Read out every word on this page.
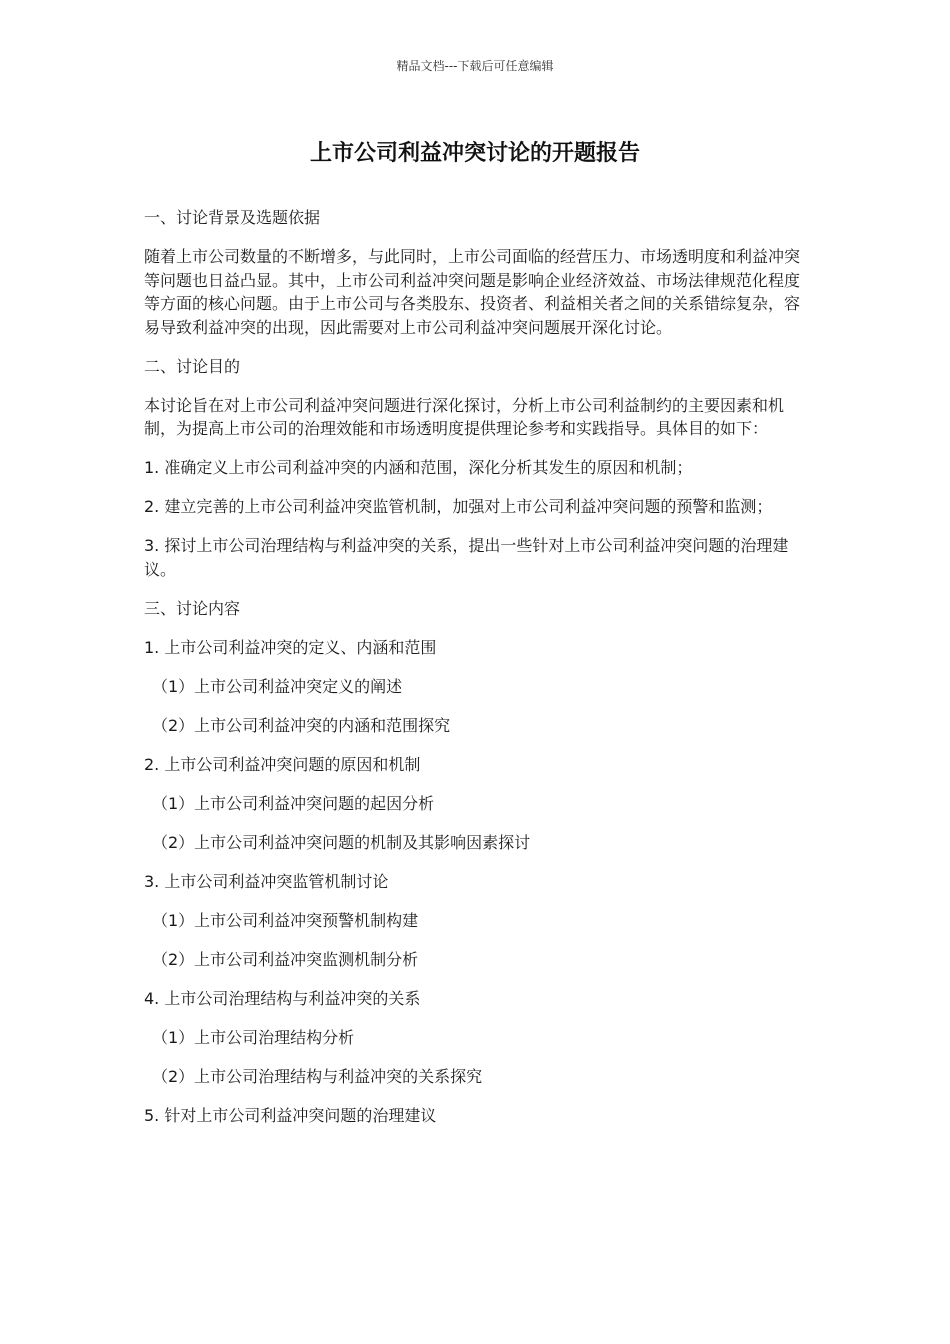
精品文档---下载后可任意编辑
上市公司利益冲突讨论的开题报告

一、讨论背景及选题依据

随着上市公司数量的不断增多，与此同时，上市公司面临的经营压力、市场透明度和利益冲突等问题也日益凸显。其中，上市公司利益冲突问题是影响企业经济效益、市场法律规范化程度等方面的核心问题。由于上市公司与各类股东、投资者、利益相关者之间的关系错综复杂，容易导致利益冲突的出现，因此需要对上市公司利益冲突问题展开深化讨论。

二、讨论目的

本讨论旨在对上市公司利益冲突问题进行深化探讨，分析上市公司利益制约的主要因素和机制，为提高上市公司的治理效能和市场透明度提供理论参考和实践指导。具体目的如下：

1. 准确定义上市公司利益冲突的内涵和范围，深化分析其发生的原因和机制；

2. 建立完善的上市公司利益冲突监管机制，加强对上市公司利益冲突问题的预警和监测；

3. 探讨上市公司治理结构与利益冲突的关系，提出一些针对上市公司利益冲突问题的治理建议。

三、讨论内容

1. 上市公司利益冲突的定义、内涵和范围

（1）上市公司利益冲突定义的阐述

（2）上市公司利益冲突的内涵和范围探究

2. 上市公司利益冲突问题的原因和机制

（1）上市公司利益冲突问题的起因分析

（2）上市公司利益冲突问题的机制及其影响因素探讨

3. 上市公司利益冲突监管机制讨论

（1）上市公司利益冲突预警机制构建

（2）上市公司利益冲突监测机制分析

4. 上市公司治理结构与利益冲突的关系

（1）上市公司治理结构分析

（2）上市公司治理结构与利益冲突的关系探究

5. 针对上市公司利益冲突问题的治理建议
